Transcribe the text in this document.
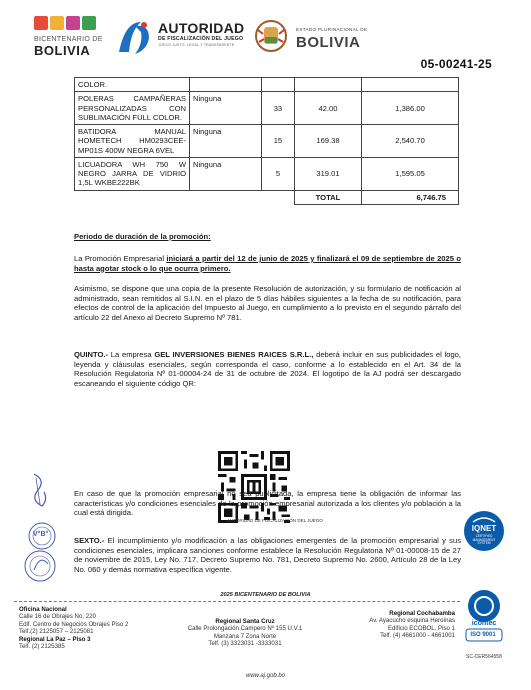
BICENTENARIO DE
BOLIVIA
AUTORIDAD
DE FISCALIZACIÓN DEL JUEGO
JUEGO JUSTO, LEGAL Y TRANSPARENTE
ESTADO PLURINACIONAL DE
BOLIVIA
05-00241-25
COLOR.				
POLERAS CAMPAÑERAS PERSONALIZADAS CON SUBLIMACIÓN FULL COLOR.	Ninguna	33	42.00	1,386.00
BATIDORA MANUAL HOMETECH HM0293CEE-MP01S 400W NEGRA 6VEL	Ninguna	15	169.38	2,540.70
LICUADORA WH 750 W NEGRO JARRA DE VIDRIO 1,5L WKBE222BK	Ninguna	5	319.01	1,595.05
			TOTAL	6,746.75
Periodo de duración de la promoción:
La Promoción Empresarial iniciará a partir del 12 de junio de 2025 y finalizará el 09 de septiembre de 2025 o hasta agotar stock o lo que ocurra primero.
Asimismo, se dispone que una copia de la presente Resolución de autorización, y su formulario de notificación al administrado, sean remitidos al S.I.N. en el plazo de 5 días hábiles siguientes a la fecha de su notificación, para efectos de control de la aplicación del Impuesto al Juego, en cumplimiento a lo previsto en el segundo párrafo del artículo 22 del Anexo al Decreto Supremo Nº 781.
QUINTO.- La empresa GEL INVERSIONES BIENES RAICES S.R.L., deberá incluir en sus publicidades el logo, leyenda y cláusulas esenciales, según corresponda el caso, conforme a lo establecido en el Art. 34 de la Resolución Regulatoria Nº 01-00004-24 de 31 de octubre de 2024. El logotipo de la AJ podrá ser descargado escaneando el siguiente código QR:
AUTORIDAD DE FISCALIZACIÓN DEL JUEGO
En caso de que la promoción empresarial no sea publicitada, la empresa tiene la obligación de informar las características y/o condiciones esenciales de la promoción empresarial autorizada a los clientes y/o población a la cual está dirigida.
SEXTO.- El incumplimiento y/o modificación a las obligaciones emergentes de la promoción empresarial y sus condiciones esenciales, implicara sanciones conforme establece la Resolución Regulatoria Nº 01-00008-15 de 27 de noviembre de 2015, Ley No. 717, Decreto Supremo No. 781, Decreto Supremo No. 2600, Artículo 28 de la Ley No. 060 y demás normativa específica vigente.
V°B°
IQNET
CERTIFIED MANAGEMENT SYSTEM
icontec
ISO 9001
SC-CER564558
2025 BICENTENARIO DE BOLIVIA
Oficina Nacional
Calle 16 de Obrajes No. 220
Edif. Centro de Negocios Obrajes Piso 2
Telf.(2) 2125057 – 2125081
Regional La Paz – Piso 3
Telf. (2) 2125385
Regional Santa Cruz
Calle Prolongación Campero Nº 155 U.V.1
Manzana 7 Zona Norte
Telf. (3) 3323031 -3333031
Regional Cochabamba
Av. Ayacucho esquina Heroínas
Edificio ECOBOL, Piso 1
Telf. (4) 4661000 - 4661001
www.aj.gob.bo
